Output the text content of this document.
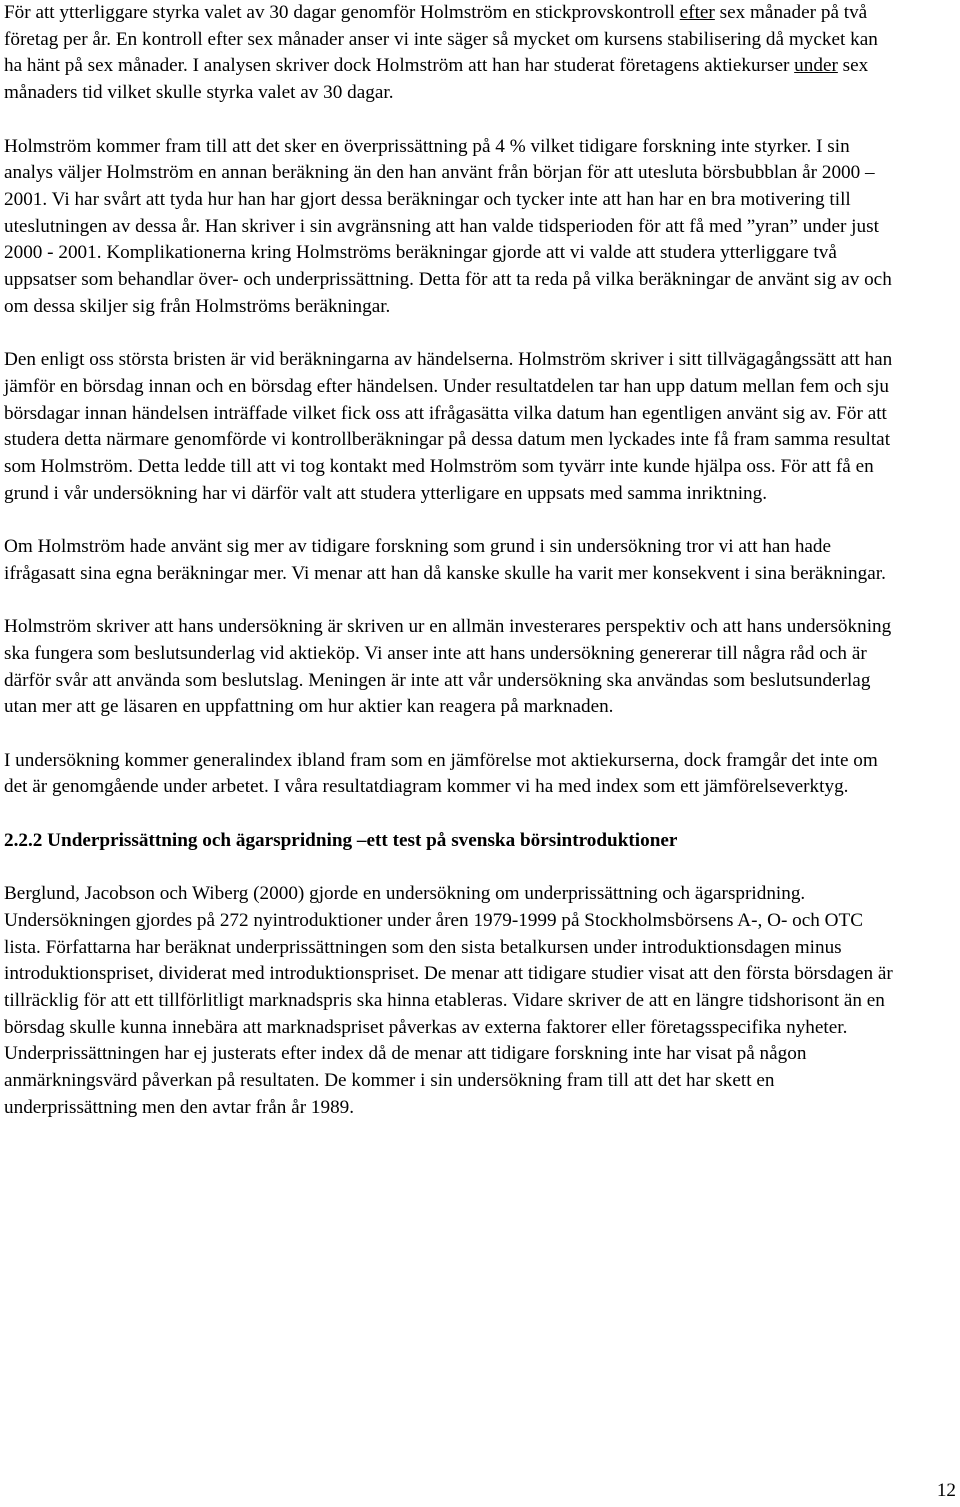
För att ytterliggare styrka valet av 30 dagar genomför Holmström en stickprovskontroll efter sex månader på två företag per år. En kontroll efter sex månader anser vi inte säger så mycket om kursens stabilisering då mycket kan ha hänt på sex månader. I analysen skriver dock Holmström att han har studerat företagens aktiekurser under sex månaders tid vilket skulle styrka valet av 30 dagar.

Holmström kommer fram till att det sker en överprissättning på 4 % vilket tidigare forskning inte styrker. I sin analys väljer Holmström en annan beräkning än den han använt från början för att utesluta börsbubblan år 2000 – 2001. Vi har svårt att tyda hur han har gjort dessa beräkningar och tycker inte att han har en bra motivering till uteslutningen av dessa år. Han skriver i sin avgränsning att han valde tidsperioden för att få med ”yran” under just 2000 - 2001. Komplikationerna kring Holmströms beräkningar gjorde att vi valde att studera ytterliggare två uppsatser som behandlar över- och underprissättning. Detta för att ta reda på vilka beräkningar de använt sig av och om dessa skiljer sig från Holmströms beräkningar.

Den enligt oss största bristen är vid beräkningarna av händelserna. Holmström skriver i sitt tillvägagångssätt att han jämför en börsdag innan och en börsdag efter händelsen. Under resultatdelen tar han upp datum mellan fem och sju börsdagar innan händelsen inträffade vilket fick oss att ifrågasätta vilka datum han egentligen använt sig av. För att studera detta närmare genomförde vi kontrollberäkningar på dessa datum men lyckades inte få fram samma resultat som Holmström. Detta ledde till att vi tog kontakt med Holmström som tyvärr inte kunde hjälpa oss. För att få en grund i vår undersökning har vi därför valt att studera ytterligare en uppsats med samma inriktning.

Om Holmström hade använt sig mer av tidigare forskning som grund i sin undersökning tror vi att han hade ifrågasatt sina egna beräkningar mer. Vi menar att han då kanske skulle ha varit mer konsekvent i sina beräkningar.

Holmström skriver att hans undersökning är skriven ur en allmän investerares perspektiv och att hans undersökning ska fungera som beslutsunderlag vid aktieköp. Vi anser inte att hans undersökning genererar till några råd och är därför svår att använda som beslutslag. Meningen är inte att vår undersökning ska användas som beslutsunderlag utan mer att ge läsaren en uppfattning om hur aktier kan reagera på marknaden.

I undersökning kommer generalindex ibland fram som en jämförelse mot aktiekurserna, dock framgår det inte om det är genomgående under arbetet. I våra resultatdiagram kommer vi ha med index som ett jämförelseverktyg.

2.2.2 Underprissättning och ägarspridning –ett test på svenska börsintroduktioner

Berglund, Jacobson och Wiberg (2000) gjorde en undersökning om underprissättning och ägarspridning. Undersökningen gjordes på 272 nyintroduktioner under åren 1979-1999 på Stockholmsbörsens A-, O- och OTC lista. Författarna har beräknat underprissättningen som den sista betalkursen under introduktionsdagen minus introduktionspriset, dividerat med introduktionspriset. De menar att tidigare studier visat att den första börsdagen är tillräcklig för att ett tillförlitligt marknadspris ska hinna etableras. Vidare skriver de att en längre tidshorisont än en börsdag skulle kunna innebära att marknadspriset påverkas av externa faktorer eller företagsspecifika nyheter. Underprissättningen har ej justerats efter index då de menar att tidigare forskning inte har visat på någon anmärkningsvärd påverkan på resultaten. De kommer i sin undersökning fram till att det har skett en underprissättning men den avtar från år 1989.

12
